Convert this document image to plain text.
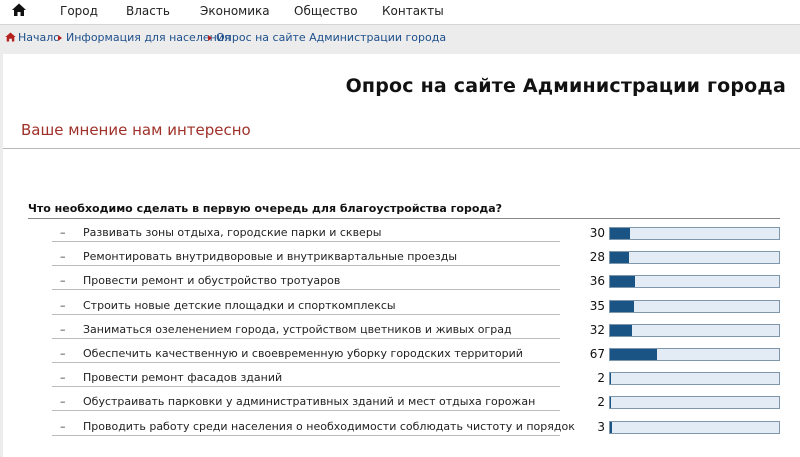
Город Власть	Экономика Общество Контакты
Начало Информация для населения
Опрос на сайте Администрации города
Опрос на сайте Администрации города
Ваше мнение нам интересно
Что необходимо сделать в первую очередь для благоустройства города?
– Развивать зоны отдыха, городские парки и скверы	30
– Ремонтировать внутридворовые и внутриквартальные проезды	28
– Провести ремонт и обустройство тротуаров	36
– Строить новые детские площадки и спорткомплексы	35
– Заниматься озеленением города, устройством цветников и живых оград	32
– Обеспечить качественную и своевременную уборку городских территорий	67
– Провести ремонт фасадов зданий	2
– Обустраивать парковки у административных зданий и мест отдыха горожан	2
– Проводить работу среди населения о необходимости соблюдать чистоту и порядок 3
